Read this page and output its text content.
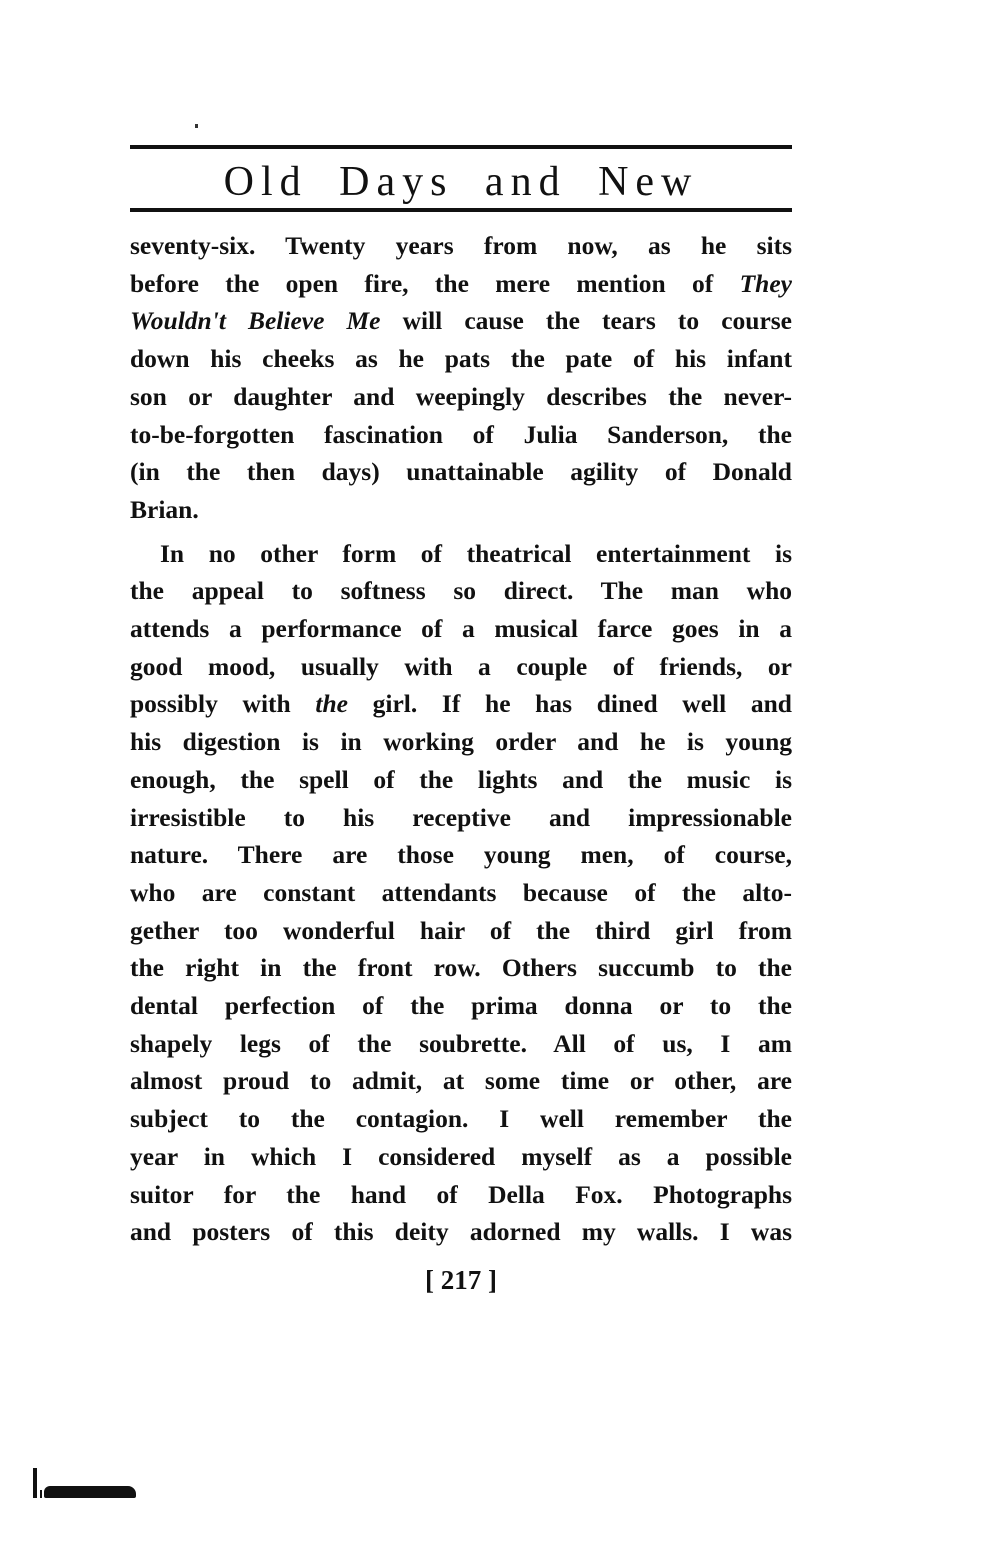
Old Days and New

seventy-six. Twenty years from now, as he sits
before the open fire, the mere mention of They
Wouldn't Believe Me will cause the tears to course
down his cheeks as he pats the pate of his infant
son or daughter and weepingly describes the never-
to-be-forgotten fascination of Julia Sanderson, the
(in the then days) unattainable agility of Donald
Brian.

In no other form of theatrical entertainment is
the appeal to softness so direct. The man who
attends a performance of a musical farce goes in a
good mood, usually with a couple of friends, or
possibly with the girl. If he has dined well and
his digestion is in working order and he is young
enough, the spell of the lights and the music is
irresistible to his receptive and impressionable
nature. There are those young men, of course,
who are constant attendants because of the alto-
gether too wonderful hair of the third girl from
the right in the front row. Others succumb to the
dental perfection of the prima donna or to the
shapely legs of the soubrette. All of us, I am
almost proud to admit, at some time or other, are
subject to the contagion. I well remember the
year in which I considered myself as a possible
suitor for the hand of Della Fox. Photographs
and posters of this deity adorned my walls. I was

[ 217 ]
